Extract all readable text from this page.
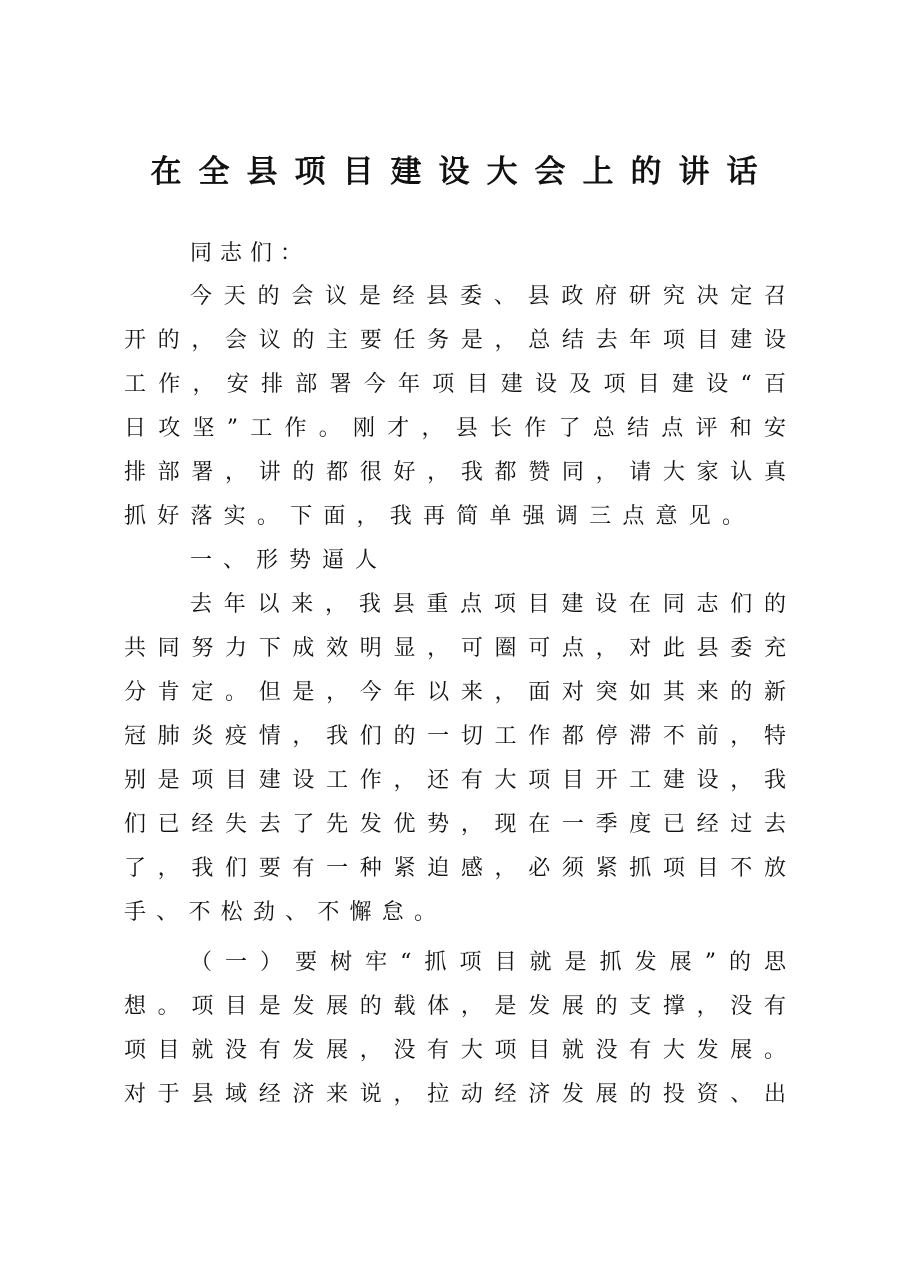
在全县项目建设大会上的讲话
同志们：
今天的会议是经县委、县政府研究决定召
开的，会议的主要任务是，总结去年项目建设
工作，安排部署今年项目建设及项目建设“百
日攻坚”工作。刚才，县长作了总结点评和安
排部署，讲的都很好，我都赞同，请大家认真
抓好落实。下面，我再简单强调三点意见。
一、形势逼人
去年以来，我县重点项目建设在同志们的
共同努力下成效明显，可圈可点，对此县委充
分肯定。但是，今年以来，面对突如其来的新
冠肺炎疫情，我们的一切工作都停滞不前，特
别是项目建设工作，还有大项目开工建设，我
们已经失去了先发优势，现在一季度已经过去
了，我们要有一种紧迫感，必须紧抓项目不放
手、不松劲、不懈怠。
（一）要树牢“抓项目就是抓发展”的思
想。项目是发展的载体，是发展的支撑，没有
项目就没有发展，没有大项目就没有大发展。
对于县域经济来说，拉动经济发展的投资、出
